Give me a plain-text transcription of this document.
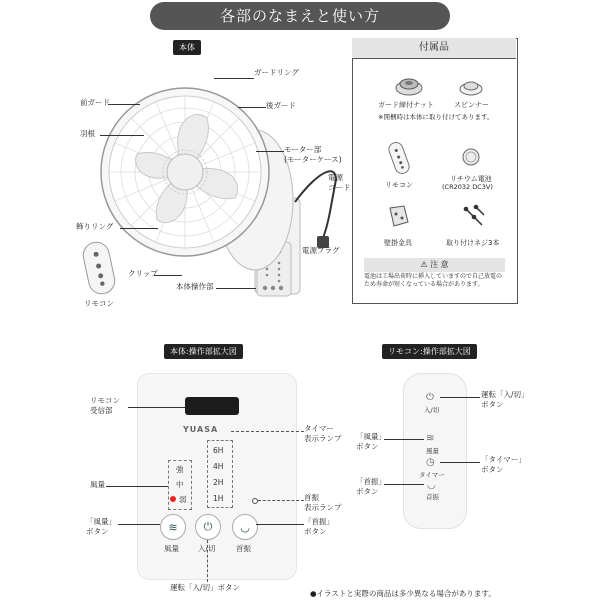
各部のなまえと使い方
本体
ガードリング
前ガード	後ガード
羽根
モーター部
(モーターケース)
電源
コード
飾りリング
電源プラグ
クリップ
本体操作部
リモコン
付属品
ガード締付ナット	スピンナー
※開梱時は本体に取り付けてあります。
リモコン
リチウム電池
(CR2032 DC3V)
壁掛金具	取り付けネジ3本
⚠ 注 意
電池は工場出荷時に挿入していますので自己放電のため寿命が短くなっている場合があります。
本体:操作部拡大図
YUASA
リモコン
受信部
強
中
弱
風量
6H
4H
2H
1H
タイマー
表示ランプ
首振
表示ランプ
≋ ⏻	◡
風量	入/切	首振
「風量」
ボタン
「首振」
ボタン
運転「入/切」ボタン
リモコン:操作部拡大図
⏻
入/切
≋
風量
◷
タイマー
◡
首振
運転「入/切」
ボタン
「風量」
ボタン
「タイマー」
ボタン
「首振」
ボタン
●イラストと実際の商品は多少異なる場合があります。
